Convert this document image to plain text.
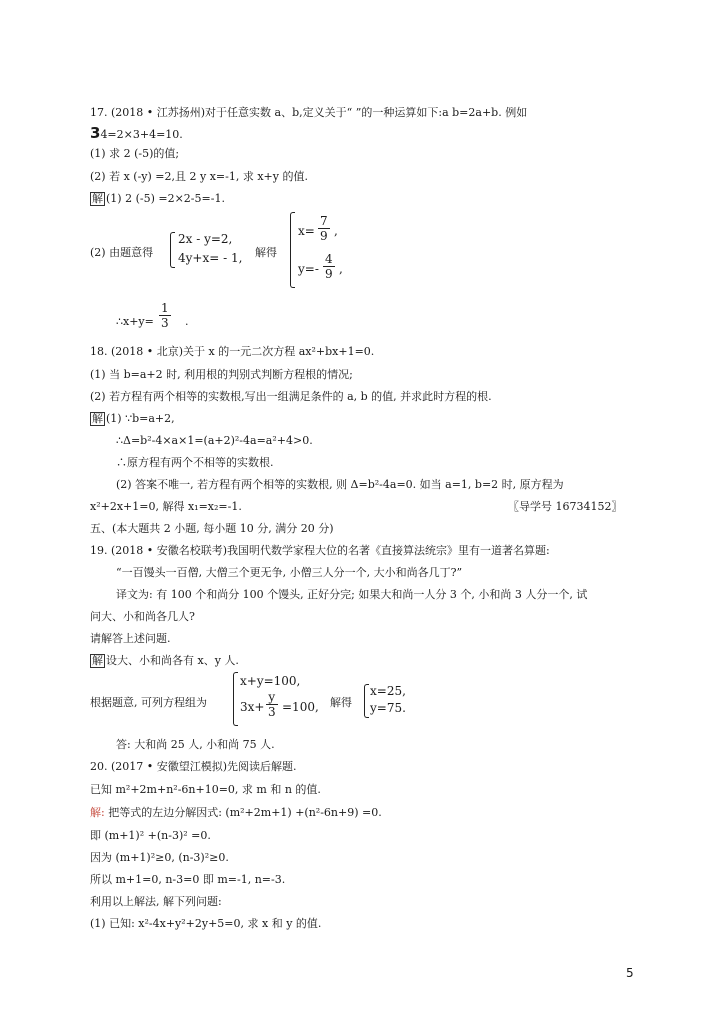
17. (2018 • 江苏扬州)对于任意实数 a、b,定义关于“ ”的一种运算如下:a b=2a+b. 例如
34=2×3+4=10.
(1) 求 2 (-5)的值;
(2) 若 x (-y) =2,且 2 y x=-1, 求 x+y 的值.
解 (1) 2 (-5) =2×2-5=-1.
(2) 由题意得
2x - y=2,
4y+x= - 1, 解得
$x= \frac{7}{9}$ ,
$y=- \frac{4}{9}$ ,
∴x+y= $\frac{1}{3}$ .
18. (2018 • 北京)关于 x 的一元二次方程 ax²+bx+1=0.
(1) 当 b=a+2 时, 利用根的判别式判断方程根的情况;
(2) 若方程有两个相等的实数根,写出一组满足条件的 a, b 的值, 并求此时方程的根.
解 (1) ∵b=a+2,
∴Δ=b²-4×a×1=(a+2)²-4a=a²+4>0.
∴原方程有两个不相等的实数根.
(2) 答案不唯一, 若方程有两个相等的实数根, 则 Δ=b²-4a=0. 如当 a=1, b=2 时, 原方程为
x²+2x+1=0, 解得 x₁=x₂=-1.	〖导学号 16734152〗
五、(本大题共 2 小题, 每小题 10 分, 满分 20 分)
19. (2018 • 安徽名校联考)我国明代数学家程大位的名著《直接算法统宗》里有一道著名算题:
“一百馒头一百僧, 大僧三个更无争, 小僧三人分一个, 大小和尚各几丁?”
译文为: 有 100 个和尚分 100 个馒头, 正好分完; 如果大和尚一人分 3 个, 小和尚 3 人分一个, 试
问大、小和尚各几人?
请解答上述问题.
解 设大、小和尚各有 x、y 人.
根据题意, 可列方程组为
x+y=100,
$3x+ \frac{y}{3} =100$, 解得
x=25,
y=75.
答: 大和尚 25 人, 小和尚 75 人.
20. (2017 • 安徽望江模拟)先阅读后解题.
已知 m²+2m+n²-6n+10=0, 求 m 和 n 的值.
解: 把等式的左边分解因式: (m²+2m+1) +(n²-6n+9) =0.
即 (m+1)² +(n-3)² =0.
因为 (m+1)²≥0, (n-3)²≥0.
所以 m+1=0, n-3=0 即 m=-1, n=-3.
利用以上解法, 解下列问题:
(1) 已知: x²-4x+y²+2y+5=0, 求 x 和 y 的值.
5
